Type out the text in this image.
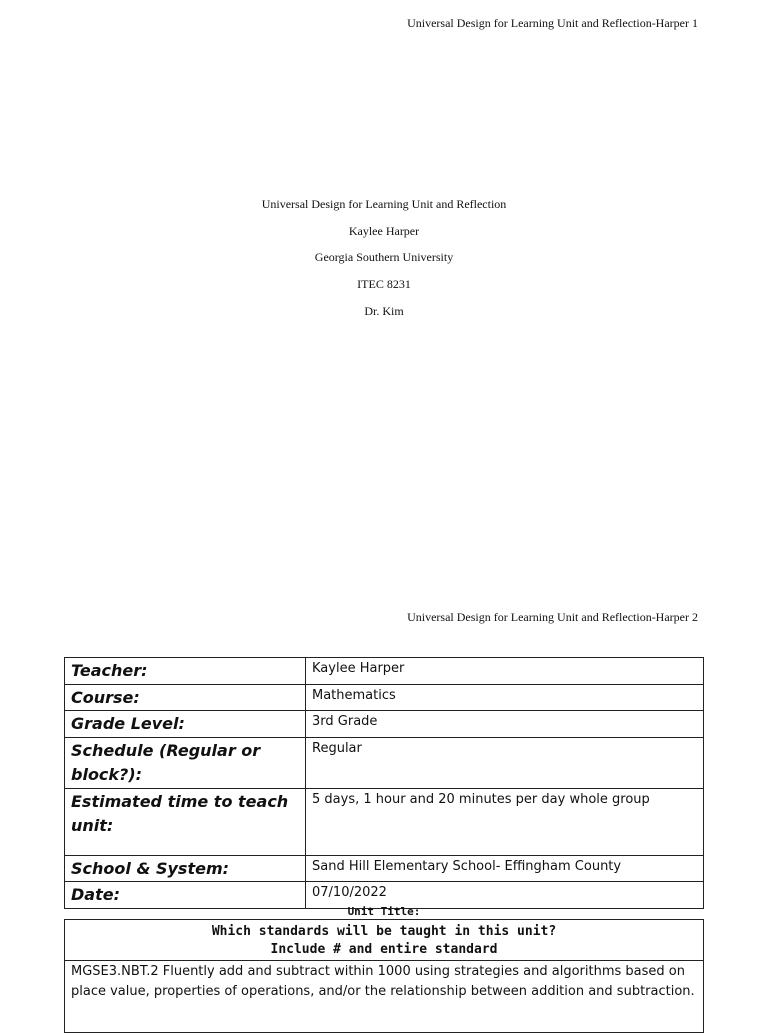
Universal Design for Learning Unit and Reflection-Harper 1
Universal Design for Learning Unit and Reflection
Kaylee Harper
Georgia Southern University
ITEC 8231
Dr. Kim
Universal Design for Learning Unit and Reflection-Harper 2
Teacher:	Kaylee Harper
Course:	Mathematics
Grade Level:	3rd Grade
Schedule (Regular or block?):	Regular
Estimated time to teach unit:	5 days, 1 hour and 20 minutes per day whole group
School & System:	Sand Hill Elementary School- Effingham County
Date:	07/10/2022
Unit Title:
Which standards will be taught in this unit?
Include # and entire standard

MGSE3.NBT.2 Fluently add and subtract within 1000 using strategies and algorithms based on place value, properties of operations, and/or the relationship between addition and subtraction.
